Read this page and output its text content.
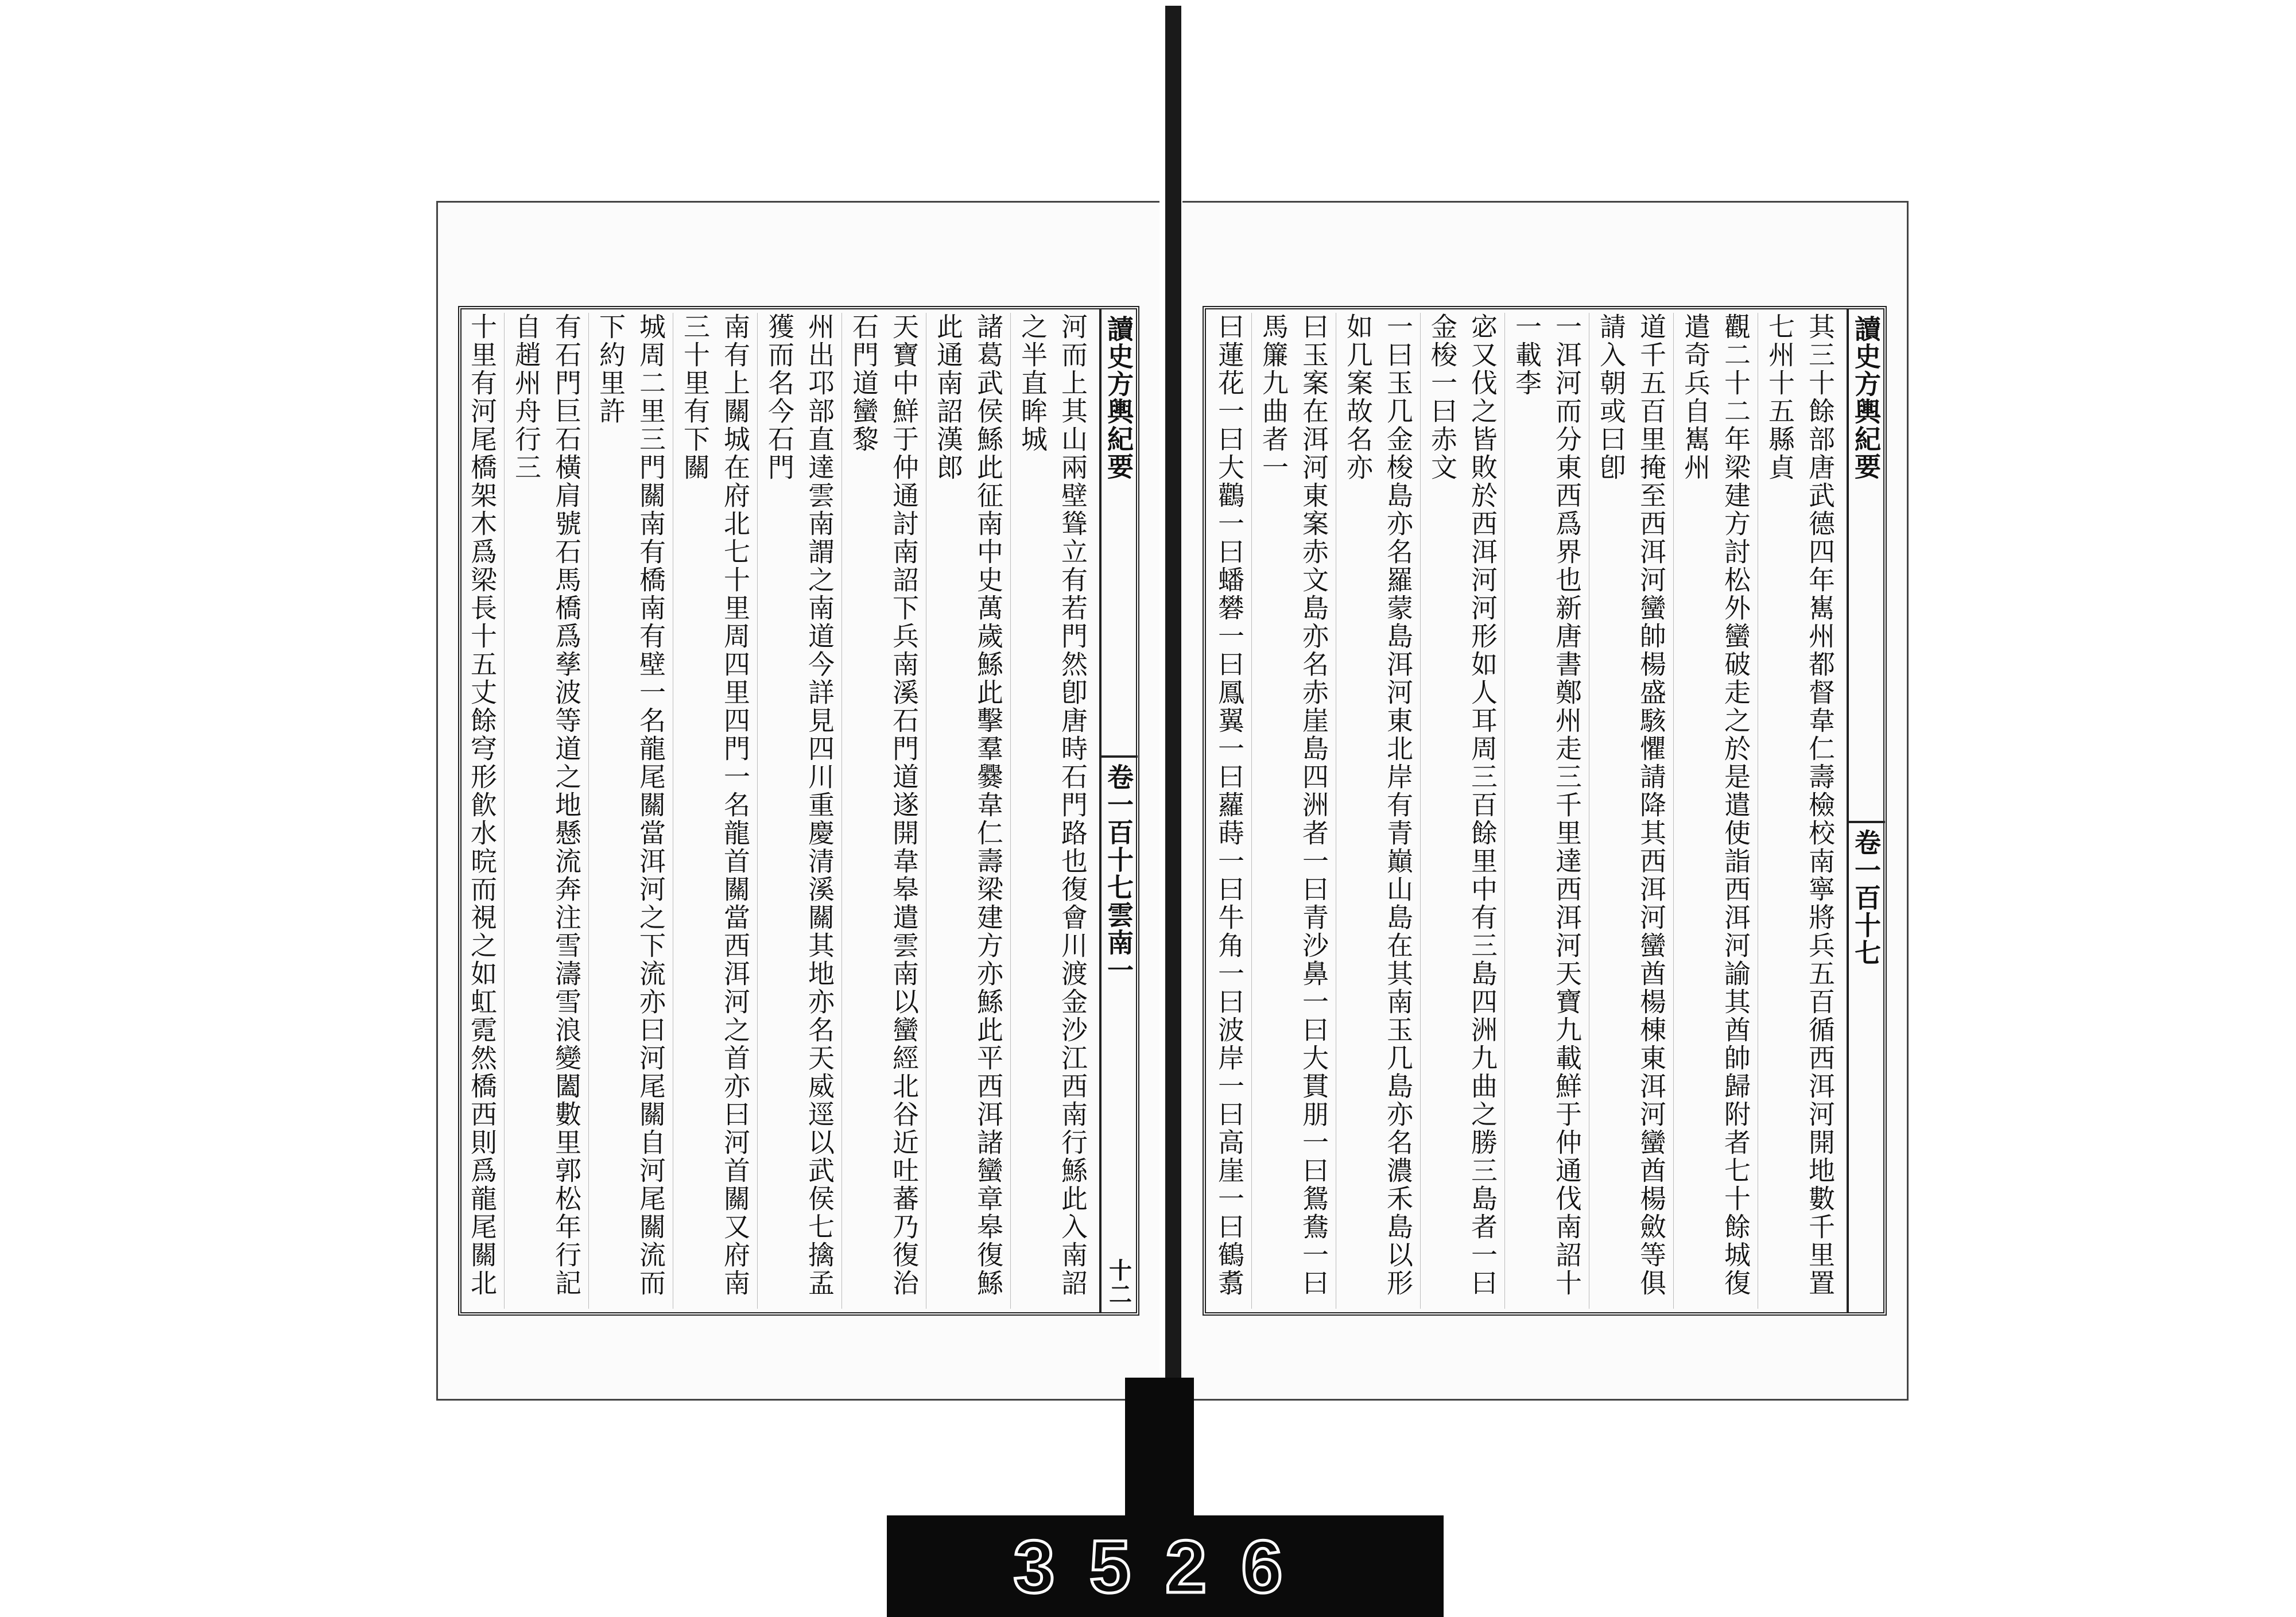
河而上其山兩壁聳立有若門然卽唐時石門路也復會川渡金沙江西南行鯀此入南詔之半直眸城
諸葛武侯鯀此征南中史萬歲鯀此擊羣爨韋仁壽梁建方亦鯀此平西洱諸蠻章皋復鯀此通南詔漢郎
天寶中鮮于仲通討南詔下兵南溪石門道遂開韋皋遣雲南以蠻經北谷近吐蕃乃復治石門道蠻黎
州出邛部直達雲南謂之南道今詳見四川重慶清溪關其地亦名天威逕以武侯七擒孟獲而名今石門
南有上關城在府北七十里周四里四門一名龍首關當西洱河之首亦曰河首關又府南三十里有下關
城周二里三門關南有橋南有壁一名龍尾關當洱河之下流亦曰河尾關自河尾關流而下約里許
有石門巨石橫肩號石馬橋爲孳波等道之地懸流奔注雪濤雪浪變闔數里郭松年行記自趙州舟行三
十里有河尾橋架木爲梁長十五丈餘穹形飮水晥而視之如虹霓然橋西則爲龍尾關北
讀史方輿紀要
卷一百十七雲南一
十二	其三十餘部唐武德四年嶲州都督韋仁壽檢校南寧將兵五百循西洱河開地數千里置七州十五縣貞
觀二十二年梁建方討松外蠻破走之於是遣使詣西洱河諭其酋帥歸附者七十餘城復遣奇兵自嶲州
道千五百里掩至西洱河蠻帥楊盛駭懼請降其西洱河蠻酋楊棟東洱河蠻酋楊斂等俱請入朝或曰卽
一洱河而分東西爲界也新唐書鄭州走三千里達西洱河天寶九載鮮于仲通伐南詔十一載李
宓又伐之皆敗於西洱河河形如人耳周三百餘里中有三島四洲九曲之勝三島者一曰金梭一曰赤文
一曰玉几金梭島亦名羅蒙島洱河東北岸有青巔山島在其南玉几島亦名濃禾島以形如几案故名亦
曰玉案在洱河東案赤文島亦名赤崖島四洲者一曰青沙鼻一曰大貫朋一曰鴛鴦一曰馬簾九曲者一
曰蓮花一曰大鸛一曰蟠礬一曰鳳翼一曰蘿蒔一曰牛角一曰波岸一曰高崖一曰鶴翥
讀史方輿紀要
卷一百十七
3526
